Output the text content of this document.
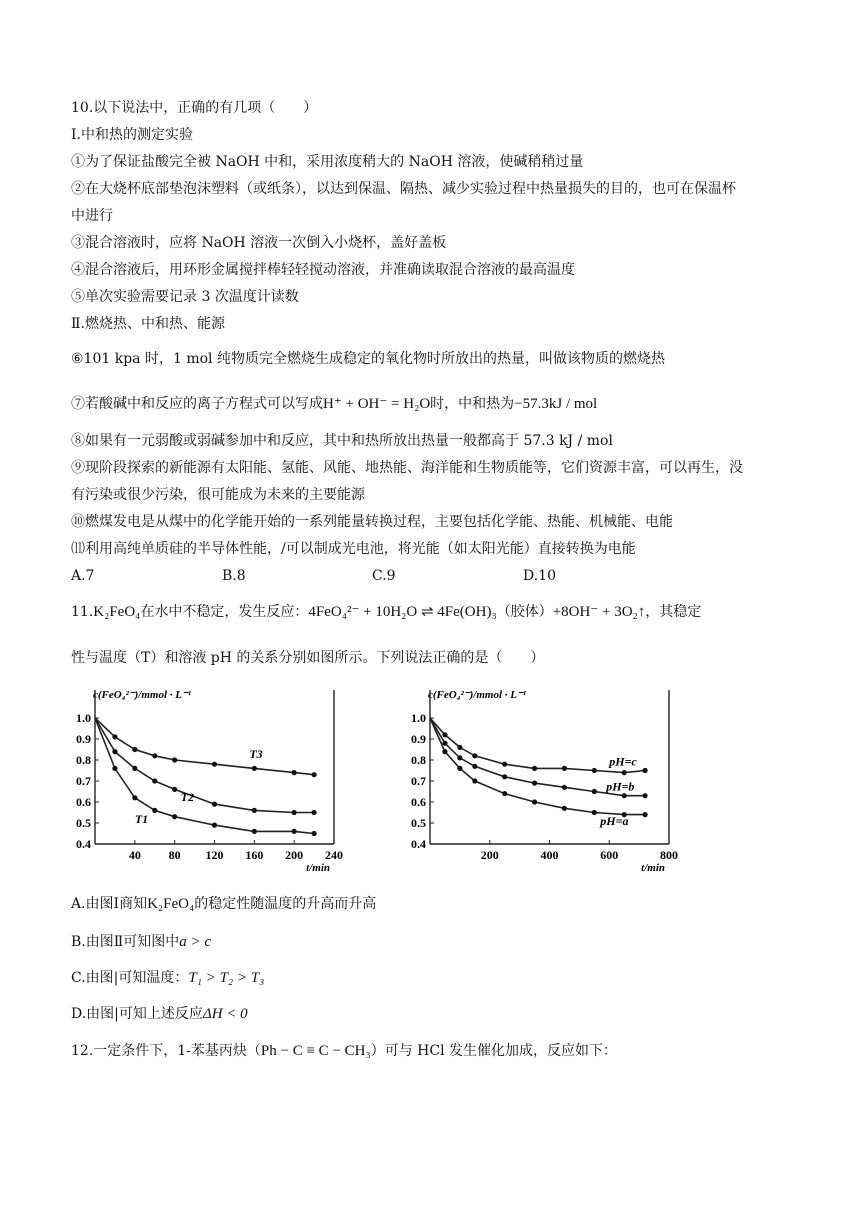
10.以下说法中，正确的有几项（　　）
Ⅰ.中和热的测定实验
①为了保证盐酸完全被 NaOH 中和，采用浓度稍大的 NaOH 溶液，使碱稍稍过量
②在大烧杯底部垫泡沫塑料（或纸条），以达到保温、隔热、减少实验过程中热量损失的目的，也可在保温杯
中进行
③混合溶液时，应将 NaOH 溶液一次倒入小烧杯，盖好盖板
④混合溶液后，用环形金属搅拌棒轻轻搅动溶液，并准确读取混合溶液的最高温度
⑤单次实验需要记录 3 次温度计读数
Ⅱ.燃烧热、中和热、能源
⑥101 kpa 时，1 mol 纯物质完全燃烧生成稳定的氧化物时所放出的热量，叫做该物质的燃烧热
⑦若酸碱中和反应的离子方程式可以写成H⁺ + OH⁻ = H₂O时，中和热为−57.3kJ / mol
⑧如果有一元弱酸或弱碱参加中和反应，其中和热所放出热量一般都高于 57.3 kJ / mol
⑨现阶段探索的新能源有太阳能、氢能、风能、地热能、海洋能和生物质能等，它们资源丰富，可以再生，没
有污染或很少污染，很可能成为未来的主要能源
⑩燃煤发电是从煤中的化学能开始的一系列能量转换过程，主要包括化学能、热能、机械能、电能
⑾利用高纯单质硅的半导体性能，/可以制成光电池，将光能（如太阳光能）直接转换为电能
A.7	B.8	C.9	D.10
11.K₂FeO₄在水中不稳定，发生反应：4FeO₄²⁻ + 10H₂O ⇌ 4Fe(OH)₃（胶体）+8OH⁻ + 3O₂↑，其稳定
性与温度（T）和溶液 pH 的关系分别如图所示。下列说法正确的是（　　）
c(FeO₄²⁻)/mmol · L⁻¹
1.0
0.9
0.8
0.7
0.6
0.5
0.4
40 80 120 160 200 240
t/min
T3
T2
T1
c(FeO₄²⁻)/mmol · L⁻¹
1.0
0.9
0.8
0.7
0.6
0.5
0.4
200	400	600	800
t/min
pH=c
pH=b
pH=a
A.由图Ⅰ商知K₂FeO₄的稳定性随温度的升高而升高
B.由图Ⅱ可知图中a > c
C.由图|可知温度：T₁ > T₂ > T₃
D.由图|可知上述反应ΔH < 0
12.一定条件下，1-苯基丙炔（Ph − C ≡ C − CH₃）可与 HCl 发生催化加成，反应如下：
